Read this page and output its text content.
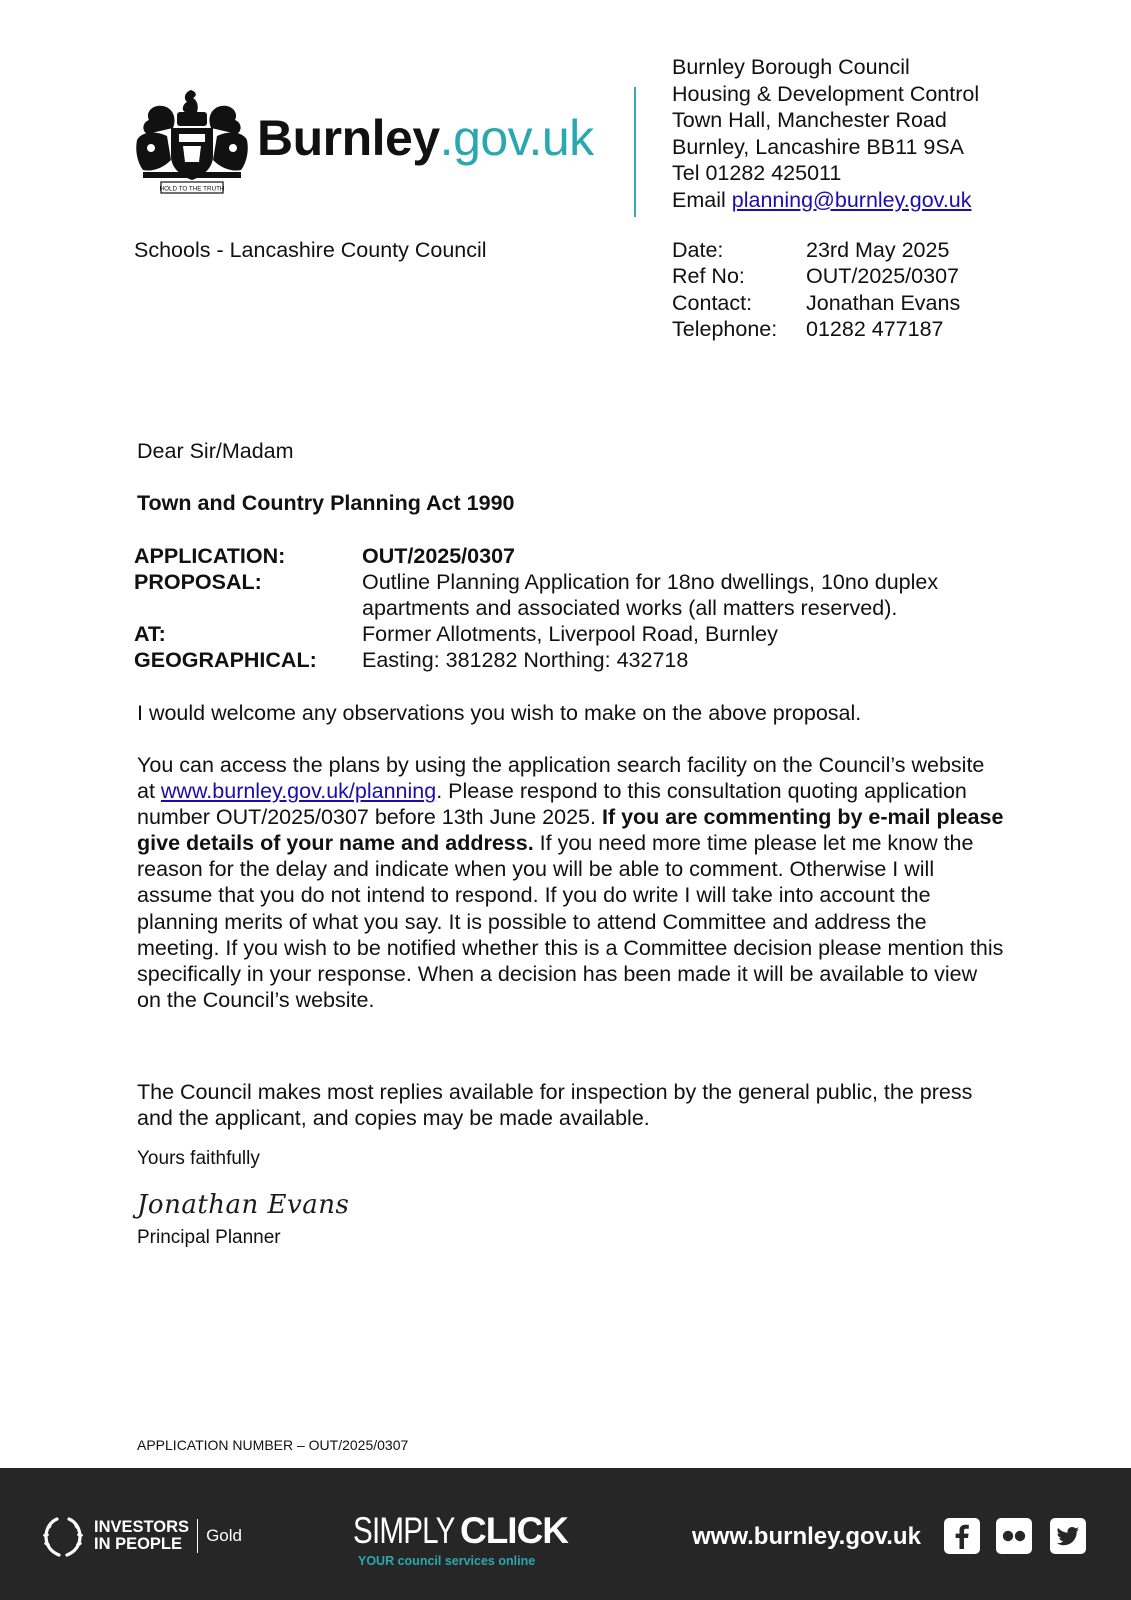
HOLD TO THE TRUTH
Burnley.gov.uk
Burnley Borough Council
Housing & Development Control
Town Hall, Manchester Road
Burnley, Lancashire BB11 9SA
Tel 01282 425011
Email planning@burnley.gov.uk
Schools - Lancashire County Council	Date:	23rd May 2025
Ref No:	OUT/2025/0307
Contact:	Jonathan Evans
Telephone:	01282 477187
Dear Sir/Madam
Town and Country Planning Act 1990
APPLICATION:	OUT/2025/0307
PROPOSAL:	Outline Planning Application for 18no dwellings, 10no duplex apartments and associated works (all matters reserved).
AT:	Former Allotments, Liverpool Road, Burnley
GEOGRAPHICAL:	Easting: 381282 Northing: 432718
I would welcome any observations you wish to make on the above proposal.
You can access the plans by using the application search facility on the Council’s website at www.burnley.gov.uk/planning. Please respond to this consultation quoting application number OUT/2025/0307 before 13th June 2025. If you are commenting by e-mail please give details of your name and address. If you need more time please let me know the reason for the delay and indicate when you will be able to comment. Otherwise I will assume that you do not intend to respond. If you do write I will take into account the planning merits of what you say. It is possible to attend Committee and address the meeting. If you wish to be notified whether this is a Committee decision please mention this specifically in your response. When a decision has been made it will be available to view on the Council’s website.
The Council makes most replies available for inspection by the general public, the press and the applicant, and copies may be made available.
Yours faithfully
Jonathan Evans
Principal Planner
APPLICATION NUMBER – OUT/2025/0307
INVESTORS
IN PEOPLE	Gold	SIMPLY CLICK
YOUR council services online
www.burnley.gov.uk
